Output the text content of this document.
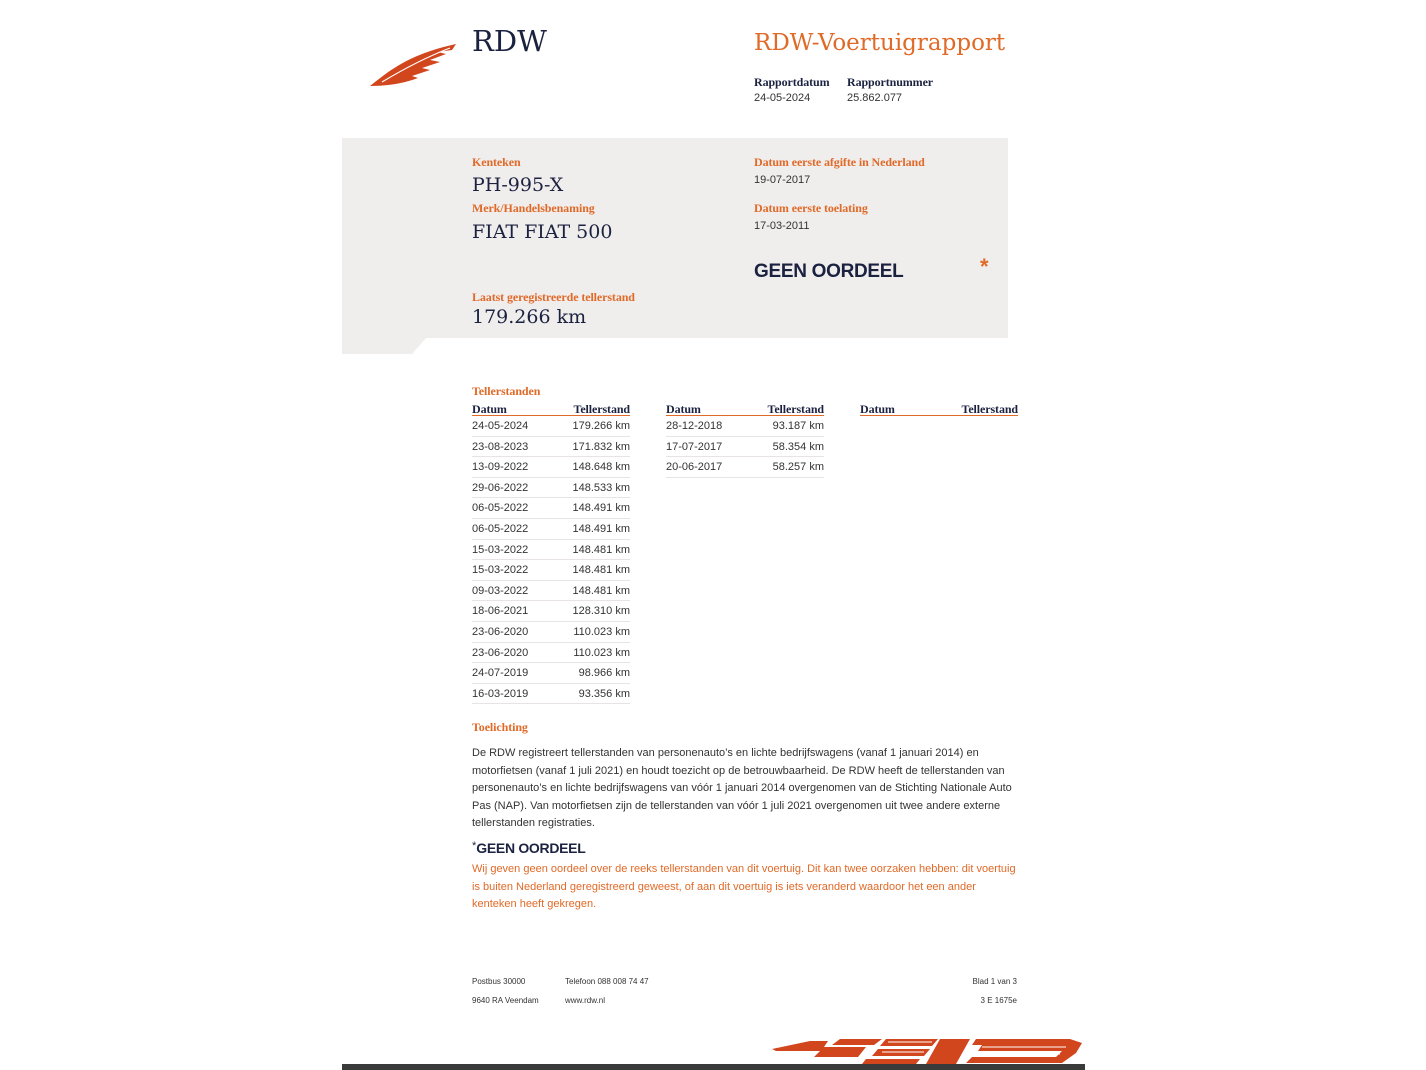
RDW	RDW-Voertuigrapport
Rapportdatum
24-05-2024
Rapportnummer
25.862.077
Kenteken
PH-995-X
Merk/Handelsbenaming
FIAT FIAT 500
Laatst geregistreerde tellerstand
179.266 km
Datum eerste afgifte in Nederland
19-07-2017
Datum eerste toelating
17-03-2011
GEEN OORDEEL	*
Tellerstanden
Datum	Tellerstand
24-05-2024	179.266 km
23-08-2023	171.832 km
13-09-2022	148.648 km
29-06-2022	148.533 km
06-05-2022	148.491 km
06-05-2022	148.491 km
15-03-2022	148.481 km
15-03-2022	148.481 km
09-03-2022	148.481 km
18-06-2021	128.310 km
23-06-2020	110.023 km
23-06-2020	110.023 km
24-07-2019	98.966 km
16-03-2019	93.356 km
Datum	Tellerstand
28-12-2018	93.187 km
17-07-2017	58.354 km
20-06-2017	58.257 km
Datum	Tellerstand
Toelichting
De RDW registreert tellerstanden van personenauto’s en lichte bedrijfswagens (vanaf 1 januari 2014) en motorfietsen (vanaf 1 juli 2021) en houdt toezicht op de betrouwbaarheid. De RDW heeft de tellerstanden van personenauto’s en lichte bedrijfswagens van vóór 1 januari 2014 overgenomen van de Stichting Nationale Auto Pas (NAP). Van motorfietsen zijn de tellerstanden van vóór 1 juli 2021 overgenomen uit twee andere externe tellerstanden registraties.
*GEEN OORDEEL
Wij geven geen oordeel over de reeks tellerstanden van dit voertuig. Dit kan twee oorzaken hebben: dit voertuig is buiten Nederland geregistreerd geweest, of aan dit voertuig is iets veranderd waardoor het een ander kenteken heeft gekregen.
Postbus 30000
9640 RA Veendam
Telefoon 088 008 74 47
www.rdw.nl
Blad 1 van 3
3 E 1675e
